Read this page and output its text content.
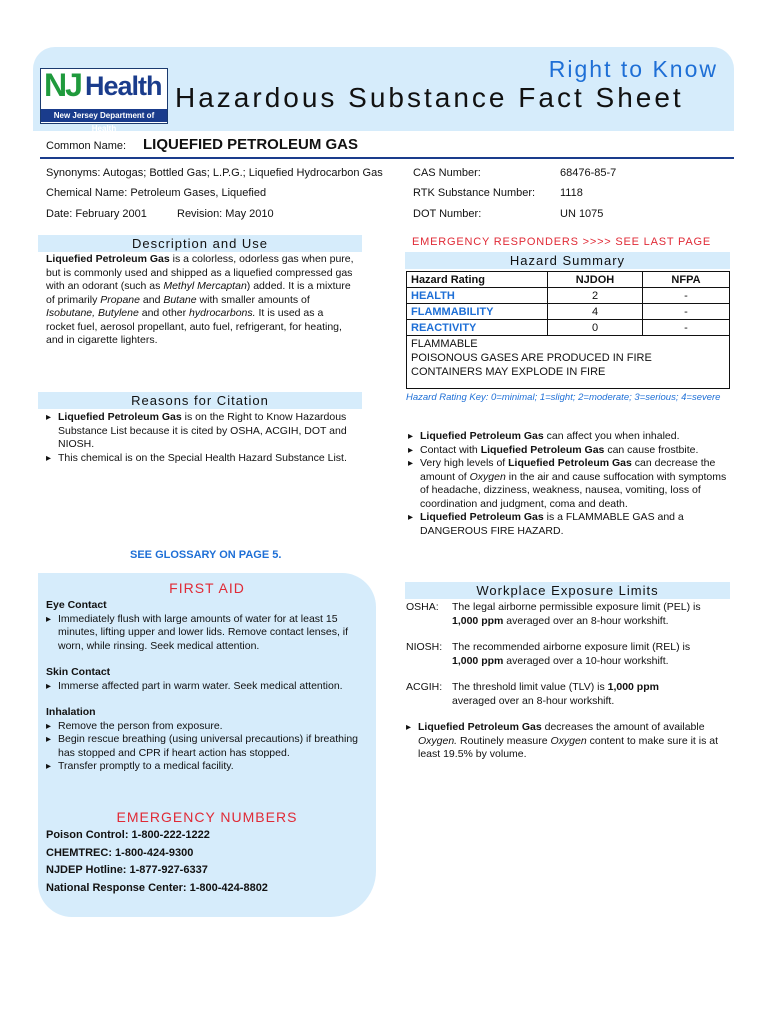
NJ Health
New Jersey Department of Health
Right to Know
Hazardous Substance Fact Sheet
Common Name: LIQUEFIED PETROLEUM GAS
Synonyms: Autogas; Bottled Gas; L.P.G.; Liquefied Hydrocarbon Gas
Chemical Name: Petroleum Gases, Liquefied
Date: February 2001	Revision: May 2010
CAS Number:	68476-85-7
RTK Substance Number: 1118
DOT Number:	UN 1075
Description and Use
Liquefied Petroleum Gas is a colorless, odorless gas when pure, but is commonly used and shipped as a liquefied compressed gas with an odorant (such as Methyl Mercaptan) added. It is a mixture of primarily Propane and Butane with smaller amounts of Isobutane, Butylene and other hydrocarbons. It is used as a rocket fuel, aerosol propellant, auto fuel, refrigerant, for heating, and in cigarette lighters.
Reasons for Citation
▸ Liquefied Petroleum Gas is on the Right to Know Hazardous Substance List because it is cited by OSHA, ACGIH, DOT and NIOSH.
▸ This chemical is on the Special Health Hazard Substance List.
SEE GLOSSARY ON PAGE 5.
FIRST AID
Eye Contact
▸ Immediately flush with large amounts of water for at least 15 minutes, lifting upper and lower lids. Remove contact lenses, if worn, while rinsing. Seek medical attention.
Skin Contact
▸ Immerse affected part in warm water. Seek medical attention.
Inhalation
▸ Remove the person from exposure.
▸ Begin rescue breathing (using universal precautions) if breathing has stopped and CPR if heart action has stopped.
▸ Transfer promptly to a medical facility.
EMERGENCY NUMBERS
Poison Control: 1-800-222-1222
CHEMTREC: 1-800-424-9300
NJDEP Hotline: 1-877-927-6337
National Response Center: 1-800-424-8802
EMERGENCY RESPONDERS >>>> SEE LAST PAGE
Hazard Summary
Hazard Rating	NJDOH	NFPA
HEALTH	2	-
FLAMMABILITY	4	-
REACTIVITY	0	-

FLAMMABLE
POISONOUS GASES ARE PRODUCED IN FIRE
CONTAINERS MAY EXPLODE IN FIRE		
Hazard Rating Key: 0=minimal; 1=slight; 2=moderate; 3=serious; 4=severe
▸ Liquefied Petroleum Gas can affect you when inhaled.
▸ Contact with Liquefied Petroleum Gas can cause frostbite.
▸ Very high levels of Liquefied Petroleum Gas can decrease the amount of Oxygen in the air and cause suffocation with symptoms of headache, dizziness, weakness, nausea, vomiting, loss of coordination and judgment, coma and death.
▸ Liquefied Petroleum Gas is a FLAMMABLE GAS and a DANGEROUS FIRE HAZARD.
Workplace Exposure Limits
OSHA:	The legal airborne permissible exposure limit (PEL) is
1,000 ppm averaged over an 8-hour workshift.
NIOSH: The recommended airborne exposure limit (REL) is
1,000 ppm averaged over a 10-hour workshift.
ACGIH: The threshold limit value (TLV) is 1,000 ppm
averaged over an 8-hour workshift.
▸ Liquefied Petroleum Gas decreases the amount of available Oxygen. Routinely measure Oxygen content to make sure it is at least 19.5% by volume.
